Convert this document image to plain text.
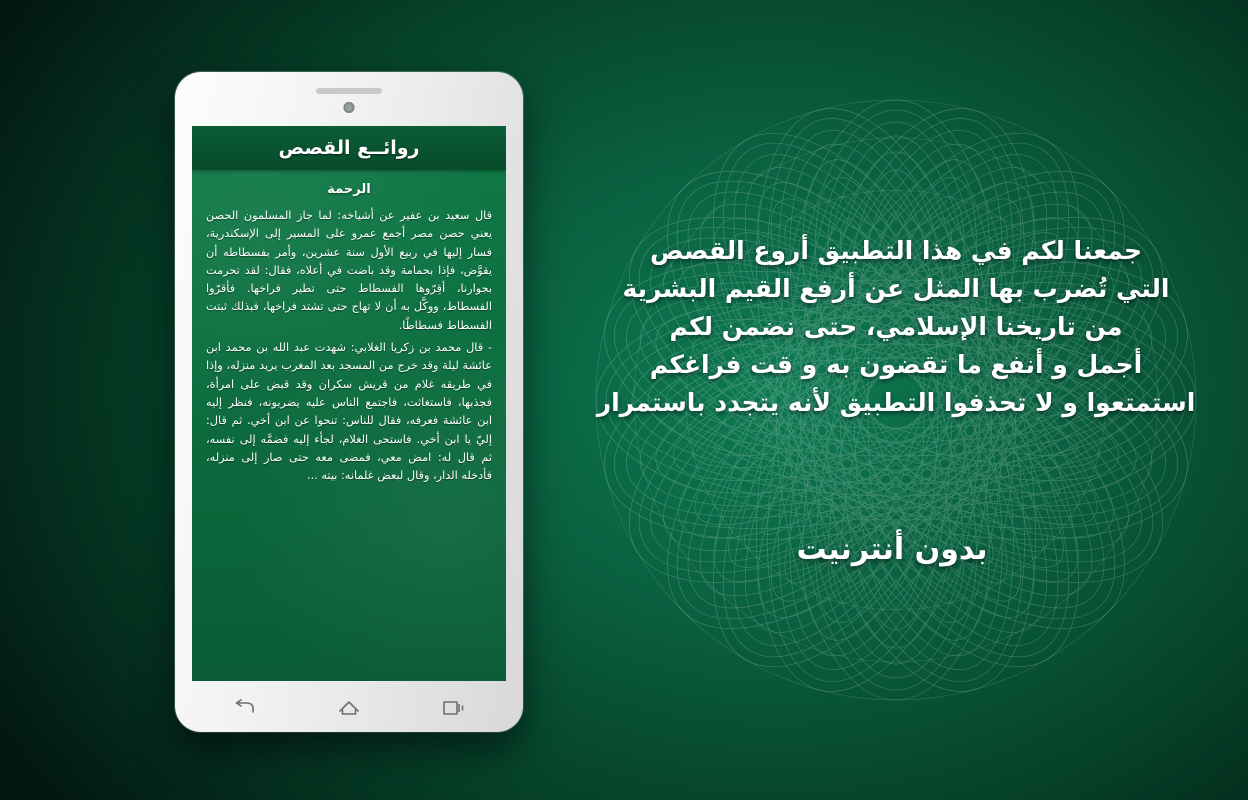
جمعنا لكم في هذا التطبيق أروع القصص
التي تُضرب بها المثل عن أرفع القيم البشرية
من تاريخنا الإسلامي، حتى نضمن لكم
أجمل و أنفع ما تقضون به و قت فراغكم
استمتعوا و لا تحذفوا التطبيق لأنه يتجدد باستمرار
بدون أنترنيت
روائــع القصص
الرحمة

قال سعيد بن عفير عن أشياخه: لما جاز المسلمون الحصن يعني حصن مصر أجمع عمرو على المسير إلى الإسكندرية، فسار إليها في ربيع الأول سنة عشرين، وأمر بفسطاطه أن يقوَّض، فإذا بحمامة وقد باضت في أعلاه، فقال: لقد تحرمت بجوارنا، أقِرّوها الفسطاط حتى تطير فراخها. فأقرّوا الفسطاط، ووكَّل به أن لا تهاج حتى تشتد فراخها، فبذلك ثبتت الفسطاط فسطاطًا.

- قال محمد بن زكريا الغلابي: شهدت عبد الله بن محمد ابن عائشة ليلة وقد خرج من المسجد بعد المغرب يريد منزله، وإذا في طريقه غلام من قريش سكران وقد قبض على امرأة، فجذبها، فاستغاثت، فاجتمع الناس عليه يضربونه، فنظر إليه ابن عائشة فعرفه، فقال للناس: تنحوا عن ابن أخي. ثم قال: إليّ يا ابن أخي. فاستحى الغلام، لجأء إليه فضمَّه إلى نفسه، ثم قال له: امض معي، فمضى معه حتى صار إلى منزله، فأدخله الدار، وقال لبعض غلمانه: بيته ...
